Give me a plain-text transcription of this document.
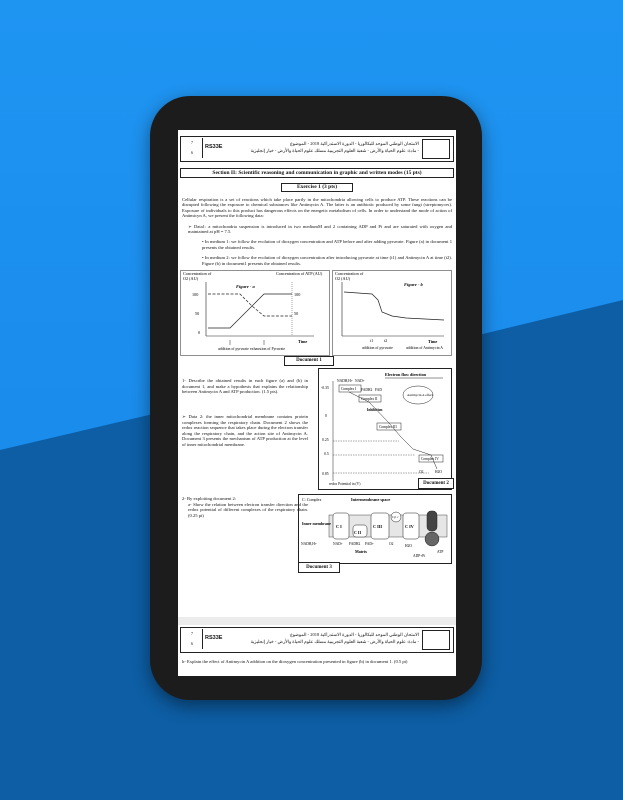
7
6
RS33E
الامتحان الوطني الموحد للبكالوريا - الدورة الاستدراكية 2018 - الموضوع
- مادة: علوم الحياة والأرض - شعبة العلوم التجريبية مسلك علوم الحياة والأرض - خيار إنجليزية
Section II: Scientific reasoning and communication in graphic and written modes (15 pts)
Exercise 1 (3 pts)
Cellular respiration is a set of reactions which take place partly in the mitochondria allowing cells to produce ATP. These reactions can be disrupted following the exposure to chemical substances like Antimycin A. The latter is an antibiotic produced by some fungi (streptomyces). Exposure of individuals to this product has dangerous effects on the energetic metabolism of cells. In order to understand the mode of action of Antimicyn A, we present the following data:
➢ Data1: a mitochondria suspension is introduced in two mediumM and 2 containing ADP and Pi and are saturated with oxygen and maintained at pH = 7.5.
• In medium 1: we follow the evolution of dioxygen concentration and ATP before and after adding pyruvate. Figure (a) in document 1 presents the obtained results.
• In medium 2: we follow the evolution of dioxygen concentration after introducing pyruvate at time (t1) and Antimycin A at time (t2). Figure (b) in document1 presents the obtained results.
Concentration of
O2 (AU)
Concentration of ATP (AU)
Figure - a
100
50
0
100
50
Time
addition of pyruvate exhaustion of Pyruvate
Concentration of
O2 (AU)
Figure - b
t1	t2	Time
addition of pyruvate	addition of Antimycin A
Document 1
1- Describe the obtained results in each figure (a) and (b) in document 1, and make a hypothesis that explains the relationship between Antimycin A and ATP production. (1.5 pts).
➢ Data 2: the inner mitochondrial membrane contains protein complexes forming the respiratory chain. Document 2 shows the redox reaction sequence that takes place during the electron transfer along the respiratory chain, and the action site of Antimycin A. Document 3 presents the mechanism of ATP production at the level of inner mitochondrial membrane.
2- By exploiting document 2:
a- Show the relation between electron transfer direction and the redox potential of different complexes of the respiratory chain. (0.25 pt)
Electron flow direction
-0.35
0
0.25
0.5
0.85
redox Potential in (V)
NADH,H+ NAD+
Complex I FADH2 FAD
Complex II
Inhibition
Antimycin A effect
Complex III
Complex IV
O2	H2O
Document 2
C: Complex	Intermembrane space
Inner membrane
C I
C II
C III
Cyt c
C IV
NADH,H+	NAD+ FADH2 FAD+	O2	H2O
Matrix
ADP+Pi
ATP
Document 3
7
6
RS33E
الامتحان الوطني الموحد للبكالوريا - الدورة الاستدراكية 2018 - الموضوع
- مادة: علوم الحياة والأرض - شعبة العلوم التجريبية مسلك علوم الحياة والأرض - خيار إنجليزية
b- Explain the effect of Antimycin A addition on the dioxygen concentration presented in figure (b) in document 1. (0.5 pt)
